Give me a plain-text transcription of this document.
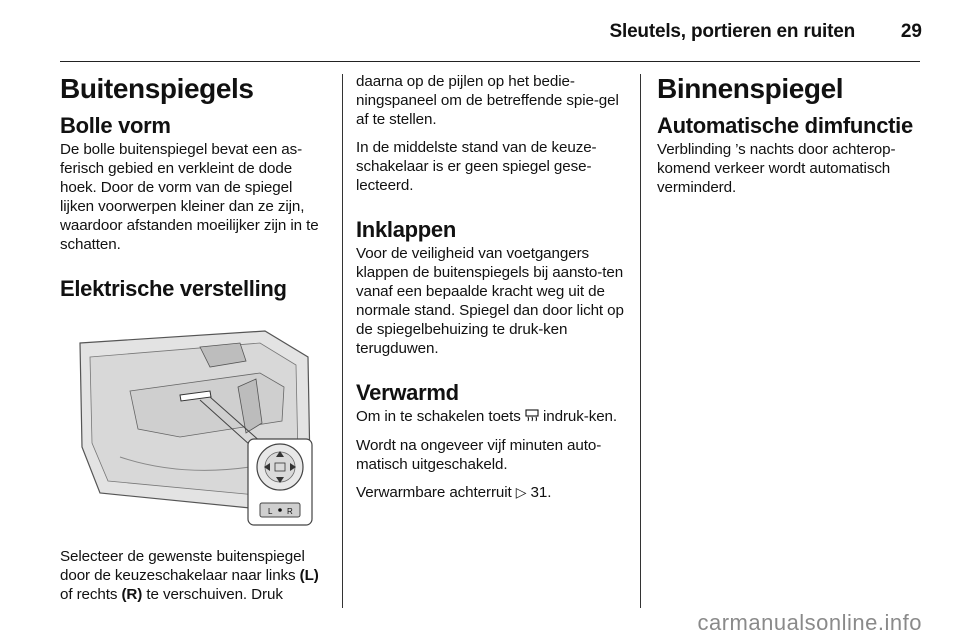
Sleutels, portieren en ruiten 29
Buitenspiegels
Bolle vorm

De bolle buitenspiegel bevat een as-ferisch gebied en verkleint de dode hoek. Door de vorm van de spiegel lijken voorwerpen kleiner dan ze zijn, waardoor afstanden moeilijker zijn in te schatten.

Elektrische verstelling
L R

Selecteer de gewenste buitenspiegel door de keuzeschakelaar naar links (L) of rechts (R) te verschuiven. Druk

daarna op de pijlen op het bedie-ningspaneel om de betreffende spie-gel af te stellen.

In de middelste stand van de keuze-schakelaar is er geen spiegel gese-lecteerd.

Inklappen

Voor de veiligheid van voetgangers klappen de buitenspiegels bij aansto-ten vanaf een bepaalde kracht weg uit de normale stand. Spiegel dan door licht op de spiegelbehuizing te druk-ken terugduwen.

Verwarmd

Om in te schakelen toets  indruk-ken.

Wordt na ongeveer vijf minuten auto-matisch uitgeschakeld.

Verwarmbare achterruit ▷ 31.

Binnenspiegel
Automatische dimfunctie

Verblinding ’s nachts door achterop-komend verkeer wordt automatisch verminderd.

carmanualsonline.info
